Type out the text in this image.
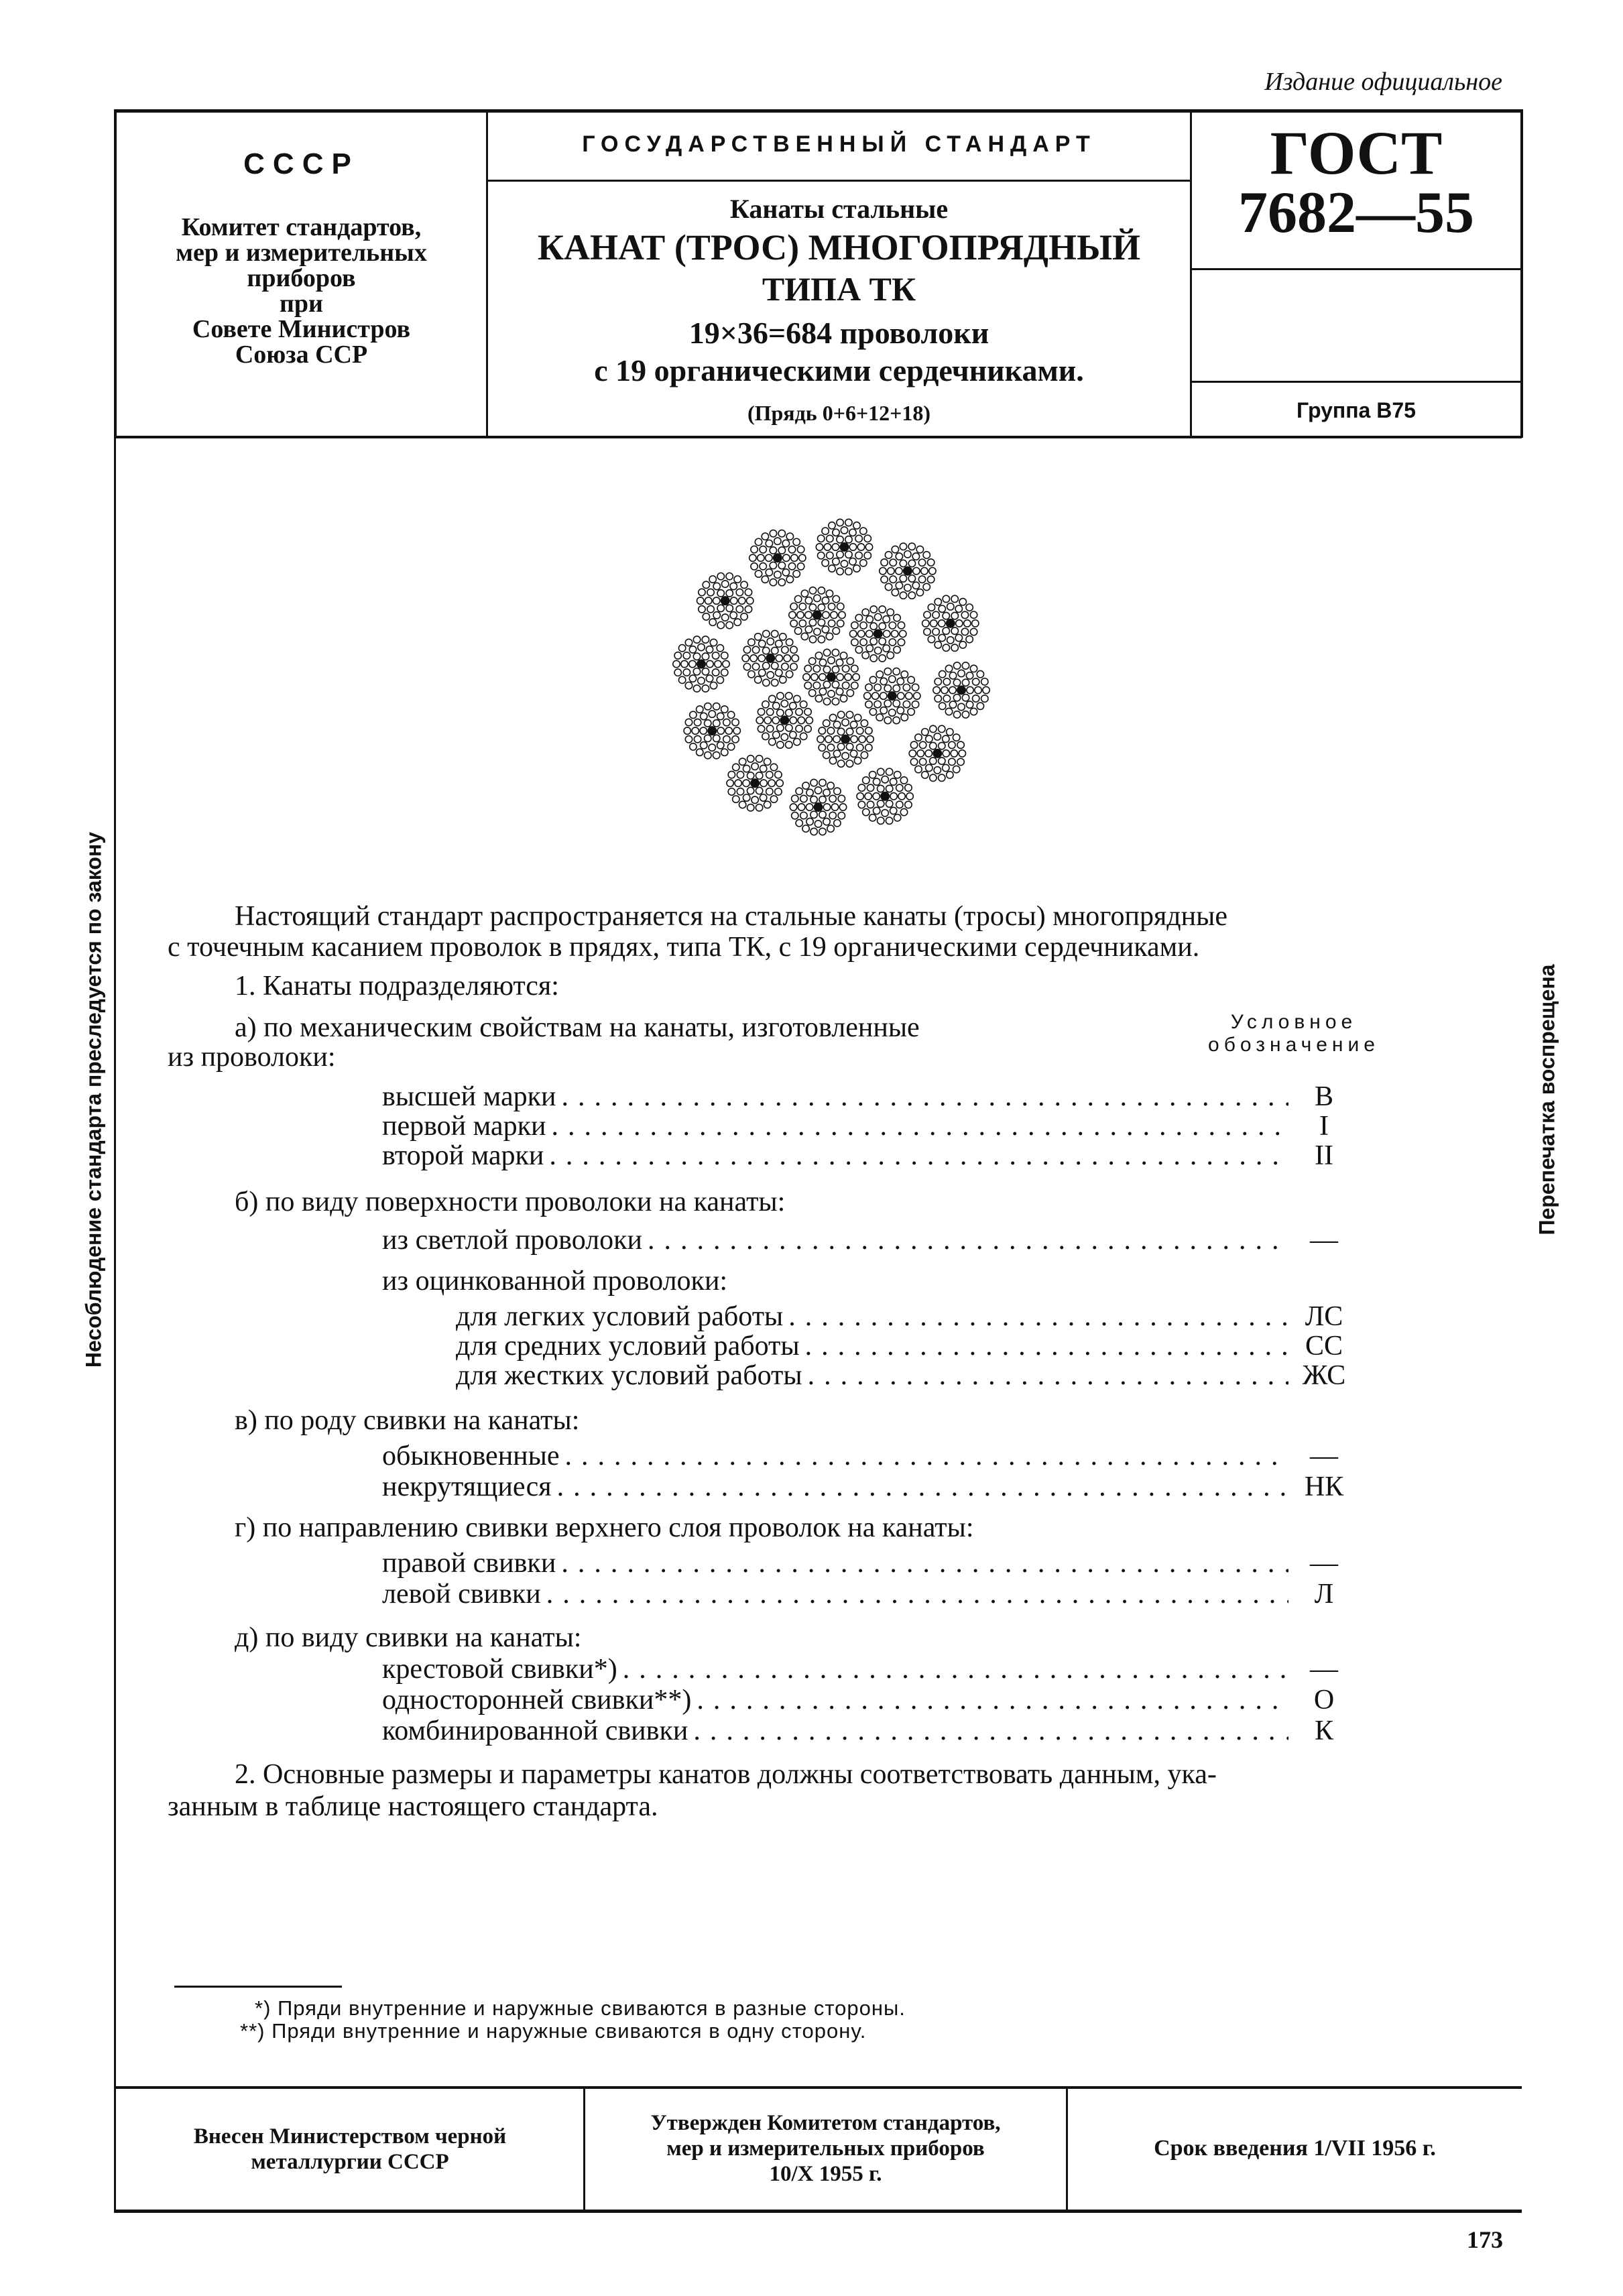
Издание официальное
СССР
Комитет стандартов,
мер и измерительных
приборов
при
Совете Министров
Союза ССР
ГОСУДАРСТВЕННЫЙ СТАНДАРТ
Канаты стальные
КАНАТ (ТРОС) МНОГОПРЯДНЫЙ
ТИПА ТК
19×36=684 проволоки
с 19 органическими сердечниками.
(Прядь 0+6+12+18)
ГОСТ
7682—55
Группа В75
Несоблюдение стандарта преследуется по закону	Перепечатка воспрещена
Настоящий стандарт распространяется на стальные канаты (тросы) многопрядные
с точечным касанием проволок в прядях, типа ТК, с 19 органическими сердечниками.
1. Канаты подразделяются:
а) по механическим свойствам на канаты, изготовленные
из проволоки:
Условное
обозначение
высшей марки .....	В
первой марки .....	I
второй марки .....	II
б) по виду поверхности проволоки на канаты:
из светлой проволоки .....	—
из оцинкованной проволоки:
для легких условий работы .....	ЛС
для средних условий работы .....	СС
для жестких условий работы .....	ЖС
в) по роду свивки на канаты:
обыкновенные .....	—
некрутящиеся .....	НК
г) по направлению свивки верхнего слоя проволок на канаты:
правой свивки .....	—
левой свивки .....	Л
д) по виду свивки на канаты:
крестовой свивки*) .....	—
односторонней свивки**) .....	О
комбинированной свивки .....	К
2. Основные размеры и параметры канатов должны соответствовать данным, ука-
занным в таблице настоящего стандарта.
*) Пряди внутренние и наружные свиваются в разные стороны.
**) Пряди внутренние и наружные свиваются в одну сторону.
Внесен Министерством черной
металлургии СССР
Утвержден Комитетом стандартов,
мер и измерительных приборов
10/X 1955 г.
Срок введения 1/VII 1956 г.
173
